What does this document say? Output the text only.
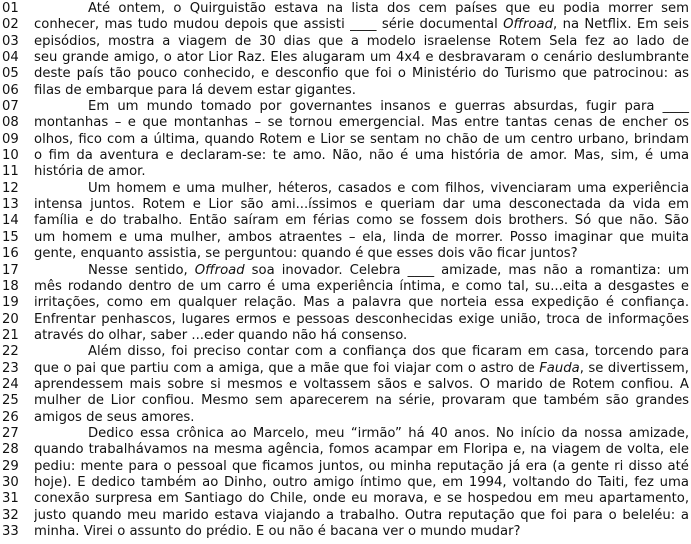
01	Até ontem, o Quirguistão estava na lista dos cem países que eu podia morrer sem
02	conhecer, mas tudo mudou depois que assisti ____ série documental Offroad, na Netflix. Em seis
03	episódios, mostra a viagem de 30 dias que a modelo israelense Rotem Sela fez ao lado de
04	seu grande amigo, o ator Lior Raz. Eles alugaram um 4x4 e desbravaram o cenário deslumbrante
05	deste país tão pouco conhecido, e desconfio que foi o Ministério do Turismo que patrocinou: as
06	filas de embarque para lá devem estar gigantes.
07	Em um mundo tomado por governantes insanos e guerras absurdas, fugir para ____
08	montanhas – e que montanhas – se tornou emergencial. Mas entre tantas cenas de encher os
09	olhos, fico com a última, quando Rotem e Lior se sentam no chão de um centro urbano, brindam
10	o fim da aventura e declaram-se: te amo. Não, não é uma história de amor. Mas, sim, é uma
11	história de amor.
12	Um homem e uma mulher, héteros, casados e com filhos, vivenciaram uma experiência
13	intensa juntos. Rotem e Lior são ami...íssimos e queriam dar uma desconectada da vida em
14	família e do trabalho. Então saíram em férias como se fossem dois brothers. Só que não. São
15	um homem e uma mulher, ambos atraentes – ela, linda de morrer. Posso imaginar que muita
16	gente, enquanto assistia, se perguntou: quando é que esses dois vão ficar juntos?
17	Nesse sentido, Offroad soa inovador. Celebra ____ amizade, mas não a romantiza: um
18	mês rodando dentro de um carro é uma experiência íntima, e como tal, su...eita a desgastes e
19	irritações, como em qualquer relação. Mas a palavra que norteia essa expedição é confiança.
20	Enfrentar penhascos, lugares ermos e pessoas desconhecidas exige união, troca de informações
21	através do olhar, saber ...eder quando não há consenso.
22	Além disso, foi preciso contar com a confiança dos que ficaram em casa, torcendo para
23	que o pai que partiu com a amiga, que a mãe que foi viajar com o astro de Fauda, se divertissem,
24	aprendessem mais sobre si mesmos e voltassem sãos e salvos. O marido de Rotem confiou. A
25	mulher de Lior confiou. Mesmo sem aparecerem na série, provaram que também são grandes
26	amigos de seus amores.
27	Dedico essa crônica ao Marcelo, meu “irmão” há 40 anos. No início da nossa amizade,
28	quando trabalhávamos na mesma agência, fomos acampar em Floripa e, na viagem de volta, ele
29	pediu: mente para o pessoal que ficamos juntos, ou minha reputação já era (a gente ri disso até
30	hoje). E dedico também ao Dinho, outro amigo íntimo que, em 1994, voltando do Taiti, fez uma
31	conexão surpresa em Santiago do Chile, onde eu morava, e se hospedou em meu apartamento,
32	justo quando meu marido estava viajando a trabalho. Outra reputação que foi para o beleléu: a
33	minha. Virei o assunto do prédio. É ou não é bacana ver o mundo mudar?
